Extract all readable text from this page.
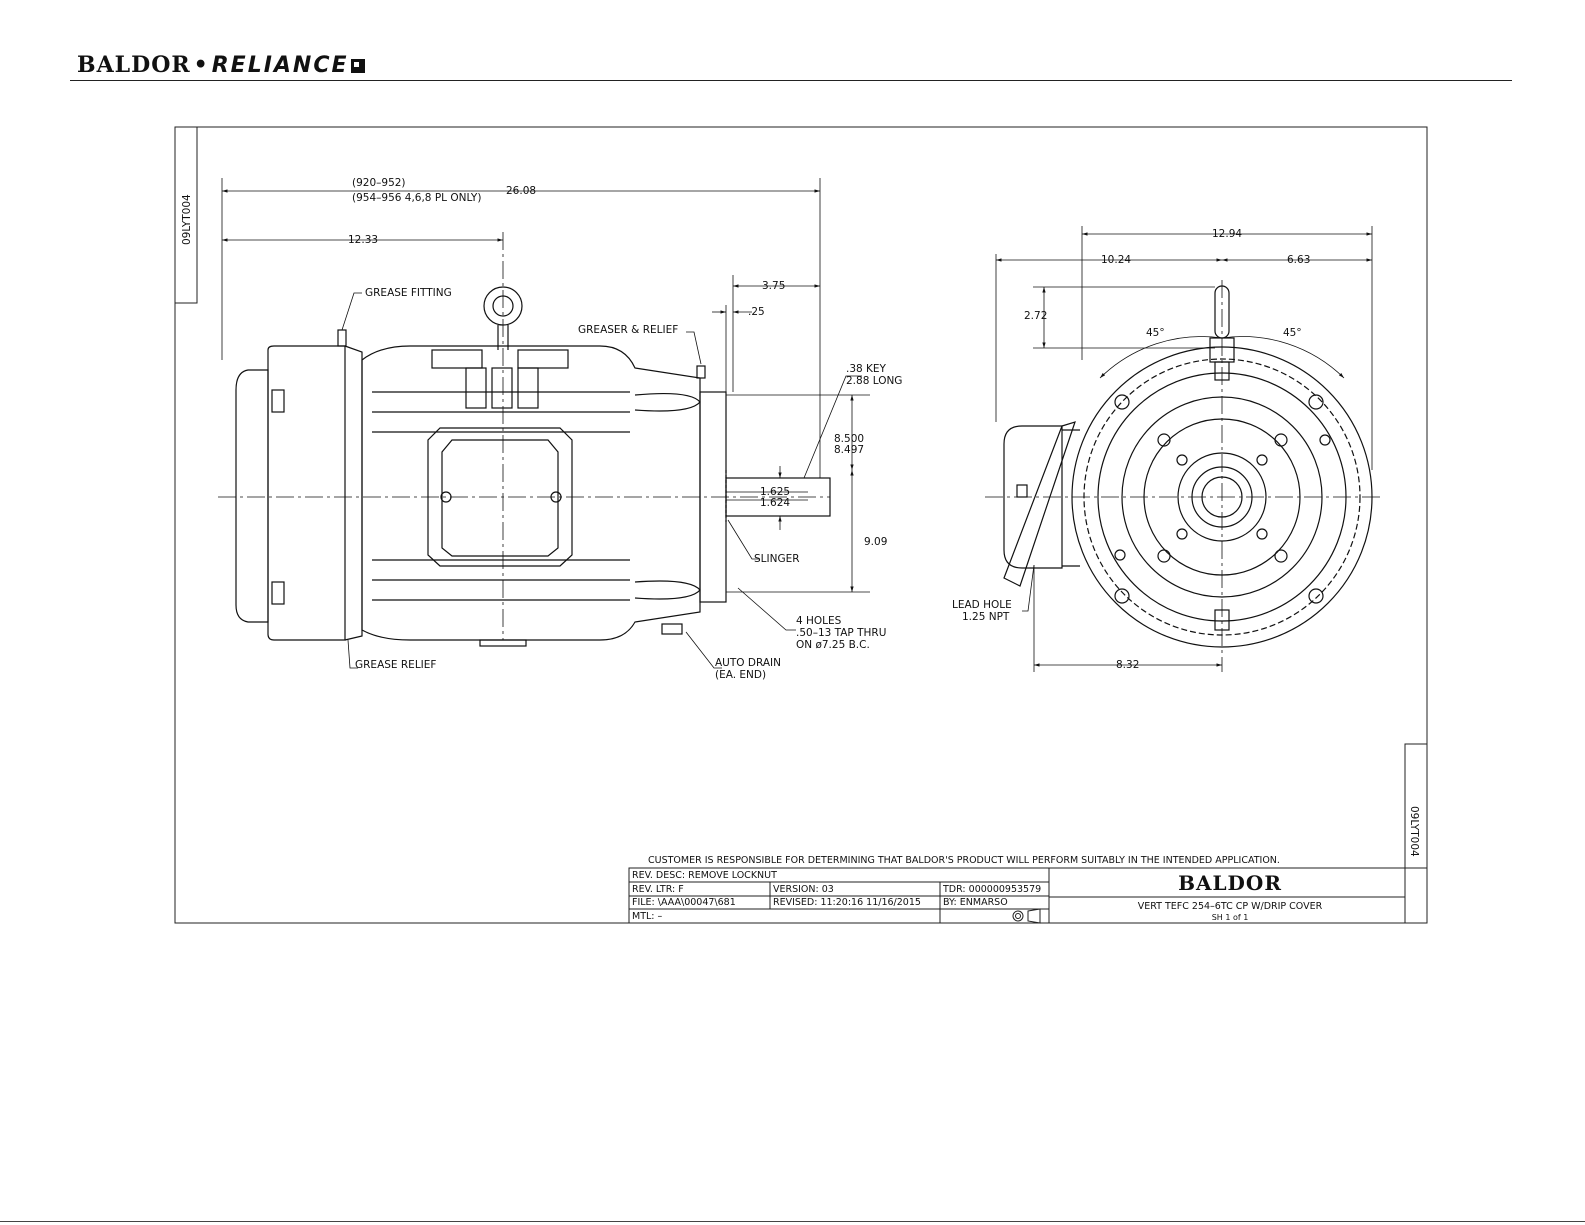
BALDOR • RELIANCE
09LYT004
09LYT004
(920–952)
(954–956 4,6,8 PL ONLY)
26.08
12.33
GREASE FITTING
3.75
.25
GREASER & RELIEF
.38 KEY
2.88 LONG
8.500
8.497
1.625
1.624
9.09
SLINGER
4 HOLES
.50–13 TAP THRU
ON ø7.25 B.C.
AUTO DRAIN
(EA. END)
GREASE RELIEF
12.94
10.24	6.63
2.72
45°	45°
LEAD HOLE
1.25 NPT
8.32
CUSTOMER IS RESPONSIBLE FOR DETERMINING THAT BALDOR'S PRODUCT WILL PERFORM SUITABLY IN THE INTENDED APPLICATION.
REV. DESC: REMOVE LOCKNUT
REV. LTR: F	VERSION: 03	TDR: 000000953579
FILE: \AAA\00047\681	REVISED: 11:20:16 11/16/2015 BY: ENMARSO
MTL: –
BALDOR
VERT TEFC 254–6TC CP W/DRIP COVER
SH 1 of 1
